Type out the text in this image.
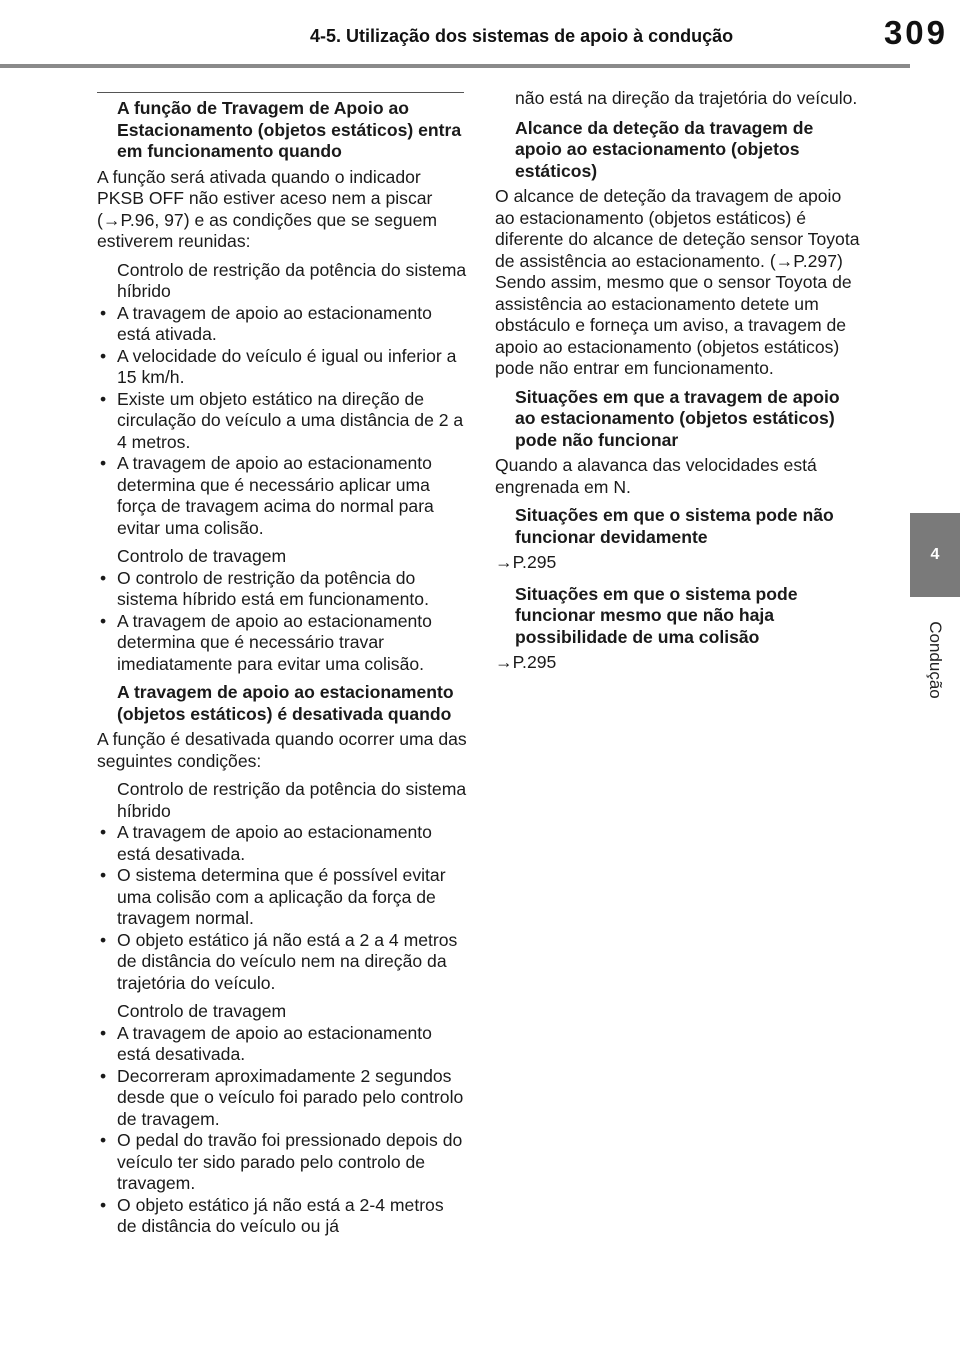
4-5. Utilização dos sistemas de apoio à condução	309
4
Condução

A função de Travagem de Apoio ao Estacionamento (objetos estáticos) entra em funcionamento quando

A função será ativada quando o indicador PKSB OFF não estiver aceso nem a piscar (→P.96, 97) e as condições que se seguem estiverem reunidas:

Controlo de restrição da potência do sistema híbrido

• A travagem de apoio ao estacionamento está ativada.
• A velocidade do veículo é igual ou inferior a 15 km/h.
• Existe um objeto estático na direção de circulação do veículo a uma distância de 2 a 4 metros.
• A travagem de apoio ao estacionamento determina que é necessário aplicar uma força de travagem acima do normal para evitar uma colisão.

Controlo de travagem

• O controlo de restrição da potência do sistema híbrido está em funcionamento.
• A travagem de apoio ao estacionamento determina que é necessário travar imediatamente para evitar uma colisão.

A travagem de apoio ao estacionamento (objetos estáticos) é desativada quando

A função é desativada quando ocorrer uma das seguintes condições:

Controlo de restrição da potência do sistema híbrido

• A travagem de apoio ao estacionamento está desativada.
• O sistema determina que é possível evitar uma colisão com a aplicação da força de travagem normal.
• O objeto estático já não está a 2 a 4 metros de distância do veículo nem na direção da trajetória do veículo.

Controlo de travagem

• A travagem de apoio ao estacionamento está desativada.
• Decorreram aproximadamente 2 segundos desde que o veículo foi parado pelo controlo de travagem.
• O pedal do travão foi pressionado depois do veículo ter sido parado pelo controlo de travagem.
• O objeto estático já não está a 2-4 metros de distância do veículo ou já

não está na direção da trajetória do veículo.

Alcance da deteção da travagem de apoio ao estacionamento (objetos estáticos)

O alcance de deteção da travagem de apoio ao estacionamento (objetos estáticos) é diferente do alcance de deteção sensor Toyota de assistência ao estacionamento. (→P.297) Sendo assim, mesmo que o sensor Toyota de assistência ao estacionamento detete um obstáculo e forneça um aviso, a travagem de apoio ao estacionamento (objetos estáticos) pode não entrar em funcionamento.

Situações em que a travagem de apoio ao estacionamento (objetos estáticos) pode não funcionar

Quando a alavanca das velocidades está engrenada em N.

Situações em que o sistema pode não funcionar devidamente

→P.295

Situações em que o sistema pode funcionar mesmo que não haja possibilidade de uma colisão

→P.295
